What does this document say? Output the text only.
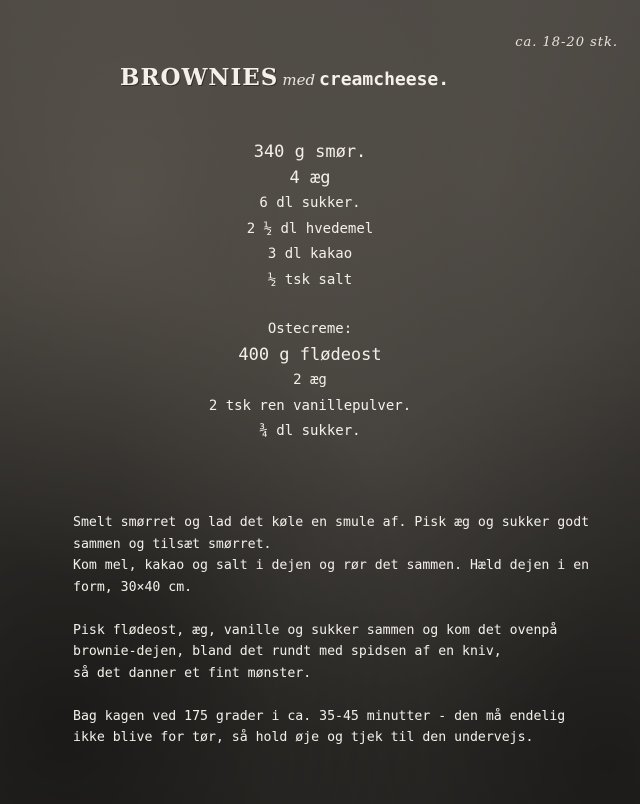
ca. 18-20 stk.
BROWNIES med creamcheese.
340 g smør.
4 æg
6 dl sukker.
2 ½ dl hvedemel
3 dl kakao
½ tsk salt
Ostecreme:
400 g flødeost
2 æg
2 tsk ren vanillepulver.
¾ dl sukker.

Smelt smørret og lad det køle en smule af. Pisk æg og sukker godt
sammen og tilsæt smørret.
Kom mel, kakao og salt i dejen og rør det sammen. Hæld dejen i en
form, 30×40 cm.

Pisk flødeost, æg, vanille og sukker sammen og kom det ovenpå
brownie-dejen, bland det rundt med spidsen af en kniv,
så det danner et fint mønster.

Bag kagen ved 175 grader i ca. 35-45 minutter - den må endelig
ikke blive for tør, så hold øje og tjek til den undervejs.
